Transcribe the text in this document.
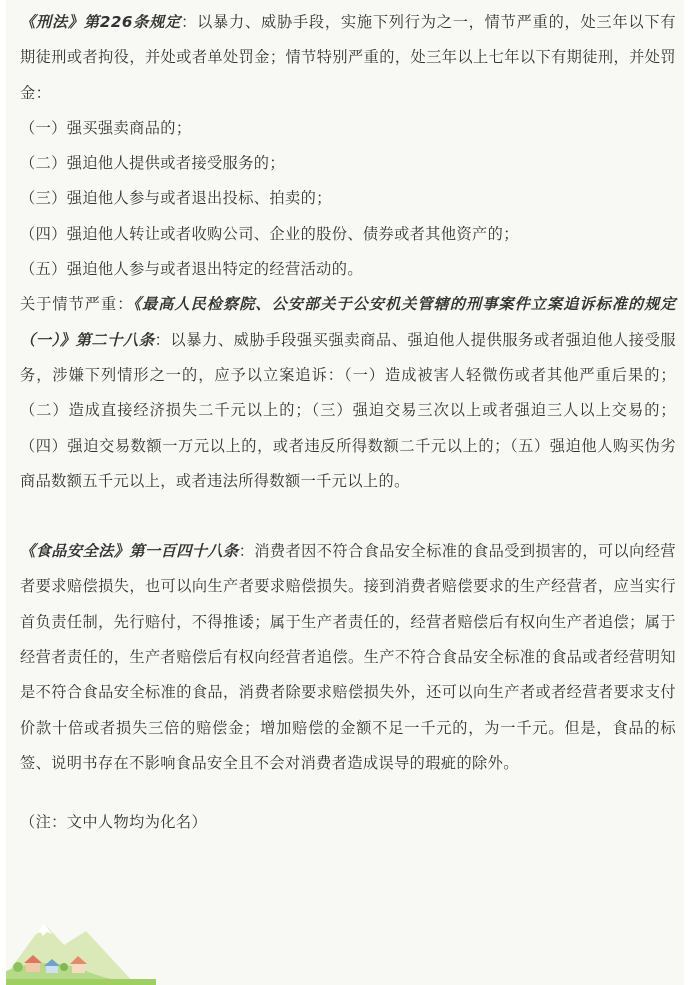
《刑法》第226条规定：以暴力、威胁手段，实施下列行为之一，情节严重的，处三年以下有期徒刑或者拘役，并处或者单处罚金；情节特别严重的，处三年以上七年以下有期徒刑，并处罚金：

（一）强买强卖商品的；

（二）强迫他人提供或者接受服务的；

（三）强迫他人参与或者退出投标、拍卖的；

（四）强迫他人转让或者收购公司、企业的股份、债券或者其他资产的；

（五）强迫他人参与或者退出特定的经营活动的。

关于情节严重：《最高人民检察院、公安部关于公安机关管辖的刑事案件立案追诉标准的规定（一）》第二十八条：以暴力、威胁手段强买强卖商品、强迫他人提供服务或者强迫他人接受服务，涉嫌下列情形之一的，应予以立案追诉：（一）造成被害人轻微伤或者其他严重后果的；（二）造成直接经济损失二千元以上的；（三）强迫交易三次以上或者强迫三人以上交易的；（四）强迫交易数额一万元以上的，或者违反所得数额二千元以上的；（五）强迫他人购买伪劣商品数额五千元以上，或者违法所得数额一千元以上的。

《食品安全法》第一百四十八条：消费者因不符合食品安全标准的食品受到损害的，可以向经营者要求赔偿损失，也可以向生产者要求赔偿损失。接到消费者赔偿要求的生产经营者，应当实行首负责任制，先行赔付，不得推诿；属于生产者责任的，经营者赔偿后有权向生产者追偿；属于经营者责任的，生产者赔偿后有权向经营者追偿。生产不符合食品安全标准的食品或者经营明知是不符合食品安全标准的食品，消费者除要求赔偿损失外，还可以向生产者或者经营者要求支付价款十倍或者损失三倍的赔偿金；增加赔偿的金额不足一千元的，为一千元。但是，食品的标签、说明书存在不影响食品安全且不会对消费者造成误导的瑕疵的除外。

（注：文中人物均为化名）
